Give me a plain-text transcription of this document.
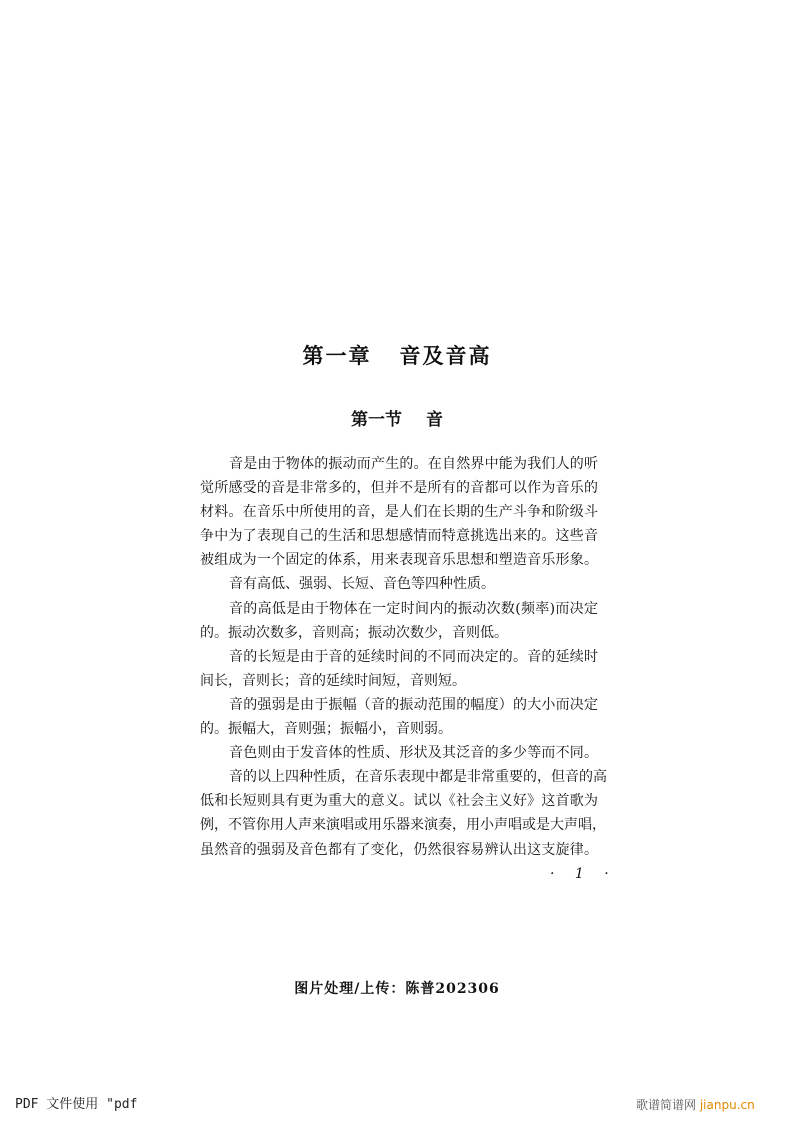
第一章 音及音高
第一节 音
音是由于物体的振动而产生的。在自然界中能为我们人的听
觉所感受的音是非常多的，但并不是所有的音都可以作为音乐的
材料。在音乐中所使用的音，是人们在长期的生产斗争和阶级斗
争中为了表现自己的生活和思想感情而特意挑选出来的。这些音
被组成为一个固定的体系，用来表现音乐思想和塑造音乐形象。
音有高低、强弱、长短、音色等四种性质。
音的高低是由于物体在一定时间内的振动次数(频率)而决定
的。振动次数多，音则高；振动次数少，音则低。
音的长短是由于音的延续时间的不同而决定的。音的延续时
间长，音则长；音的延续时间短，音则短。
音的强弱是由于振幅（音的振动范围的幅度）的大小而决定
的。振幅大，音则强；振幅小，音则弱。
音色则由于发音体的性质、形状及其泛音的多少等而不同。
音的以上四种性质，在音乐表现中都是非常重要的，但音的高
低和长短则具有更为重大的意义。试以《社会主义好》这首歌为
例，不管你用人声来演唱或用乐器来演奏，用小声唱或是大声唱，
虽然音的强弱及音色都有了变化，仍然很容易辨认出这支旋律。
· 1 ·
图片处理/上传：陈普202306
PDF 文件使用 "pdf	歌谱简谱网 jianpu.cn
